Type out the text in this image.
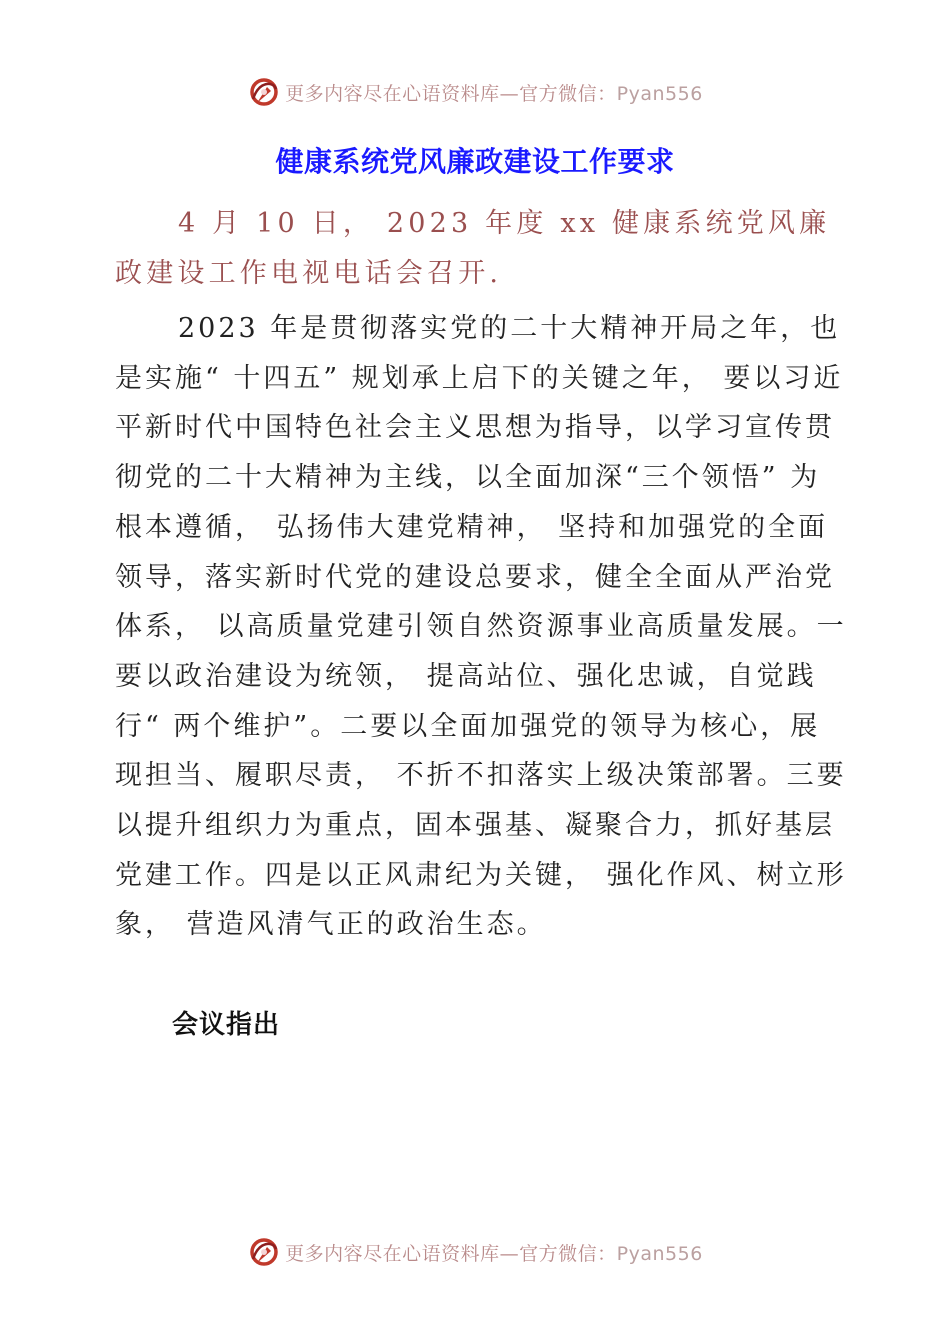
更多内容尽在心语资料库—官方微信：Pyan556
健康系统党风廉政建设工作要求

4 月 10 日， 2023 年度 xx 健康系统党风廉政建设工作电视电话会召开.

2023 年是贯彻落实党的二十大精神开局之年，也是实施“ 十四五” 规划承上启下的关键之年， 要以习近平新时代中国特色社会主义思想为指导，以学习宣传贯彻党的二十大精神为主线，以全面加深“三个领悟” 为根本遵循， 弘扬伟大建党精神， 坚持和加强党的全面领导，落实新时代党的建设总要求，健全全面从严治党体系， 以高质量党建引领自然资源事业高质量发展。一要以政治建设为统领， 提高站位、强化忠诚，自觉践行“ 两个维护”。二要以全面加强党的领导为核心，展现担当、履职尽责， 不折不扣落实上级决策部署。三要以提升组织力为重点，固本强基、凝聚合力，抓好基层党建工作。四是以正风肃纪为关键， 强化作风、树立形象， 营造风清气正的政治生态。

会议指出
更多内容尽在心语资料库—官方微信：Pyan556
